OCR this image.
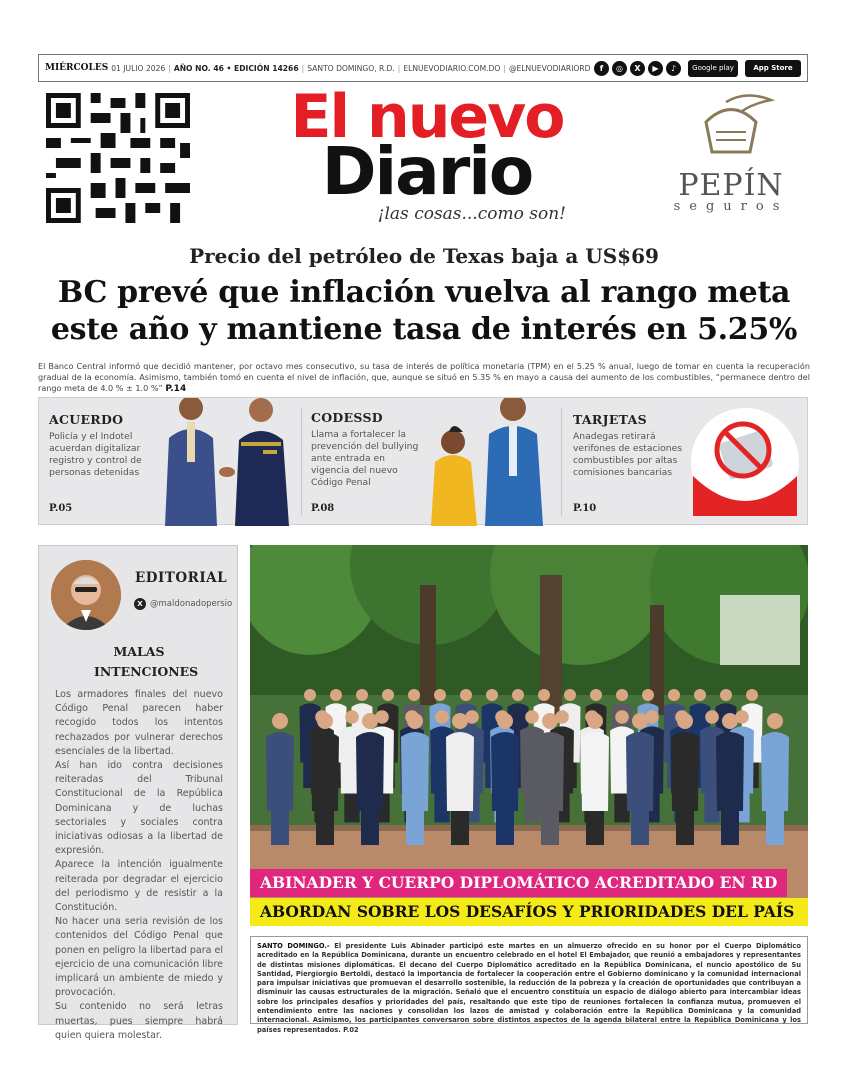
MIÉRCOLES 01 JULIO 2026 | AÑO NO. 46 • EDICIÓN 14266 | SANTO DOMINGO, R.D. | ELNUEVODIARIO.COM.DO | @ELNUEVODIARIORD	f	◎	X	▶	♪	Google play	App Store
El nuevo
Diario
¡las cosas...como son!
PEPÍN
seguros
Precio del petróleo de Texas baja a US$69
BC prevé que inflación vuelva al rango meta este año y mantiene tasa de interés en 5.25%
El Banco Central informó que decidió mantener, por octavo mes consecutivo, su tasa de interés de política monetaria (TPM) en el 5.25 % anual, luego de tomar en cuenta la recuperación gradual de la economía. Asimismo, también tomó en cuenta el nivel de inflación, que, aunque se situó en 5.35 % en mayo a causa del aumento de los combustibles, “permanece dentro del rango meta de 4.0 % ± 1.0 %” P.14
ACUERDO

Policía y el Indotel acuerdan digitalizar registro y control de personas detenidas

P.05
CODESSD

Llama a fortalecer la prevención del bullying ante entrada en vigencia del nuevo Código Penal

P.08
TARJETAS

Anadegas retirará verifones de estaciones combustibles por altas comisiones bancarias

P.10
EDITORIAL
X @maldonadopersio
MALAS INTENCIONES

Los armadores finales del nuevo Código Penal parecen haber recogido todos los intentos rechazados por vulnerar derechos esenciales de la libertad.

Así han ido contra decisiones reiteradas del Tribunal Constitucional de la República Dominicana y de luchas sectoriales y sociales contra iniciativas odiosas a la libertad de expresión.

Aparece la intención igualmente reiterada por degradar el ejercicio del periodismo y de resistir a la Constitución.

No hacer una seria revisión de los contenidos del Código Penal que ponen en peligro la libertad para el ejercicio de una comunicación libre implicará un ambiente de miedo y provocación.

Su contenido no será letras muertas, pues siempre habrá quien quiera molestar.

ABINADER Y CUERPO DIPLOMÁTICO ACREDITADO EN RD
ABORDAN SOBRE LOS DESAFÍOS Y PRIORIDADES DEL PAÍS
SANTO DOMINGO.- El presidente Luis Abinader participó este martes en un almuerzo ofrecido en su honor por el Cuerpo Diplomático acreditado en la República Dominicana, durante un encuentro celebrado en el hotel El Embajador, que reunió a embajadores y representantes de distintas misiones diplomáticas. El decano del Cuerpo Diplomático acreditado en la República Dominicana, el nuncio apostólico de Su Santidad, Piergiorgio Bertoldi, destacó la importancia de fortalecer la cooperación entre el Gobierno dominicano y la comunidad internacional para impulsar iniciativas que promuevan el desarrollo sostenible, la reducción de la pobreza y la creación de oportunidades que contribuyan a disminuir las causas estructurales de la migración. Señaló que el encuentro constituía un espacio de diálogo abierto para intercambiar ideas sobre los principales desafíos y prioridades del país, resaltando que este tipo de reuniones fortalecen la confianza mutua, promueven el entendimiento entre las naciones y consolidan los lazos de amistad y colaboración entre la República Dominicana y la comunidad internacional. Asimismo, los participantes conversaron sobre distintos aspectos de la agenda bilateral entre la República Dominicana y los países representados. P.02
